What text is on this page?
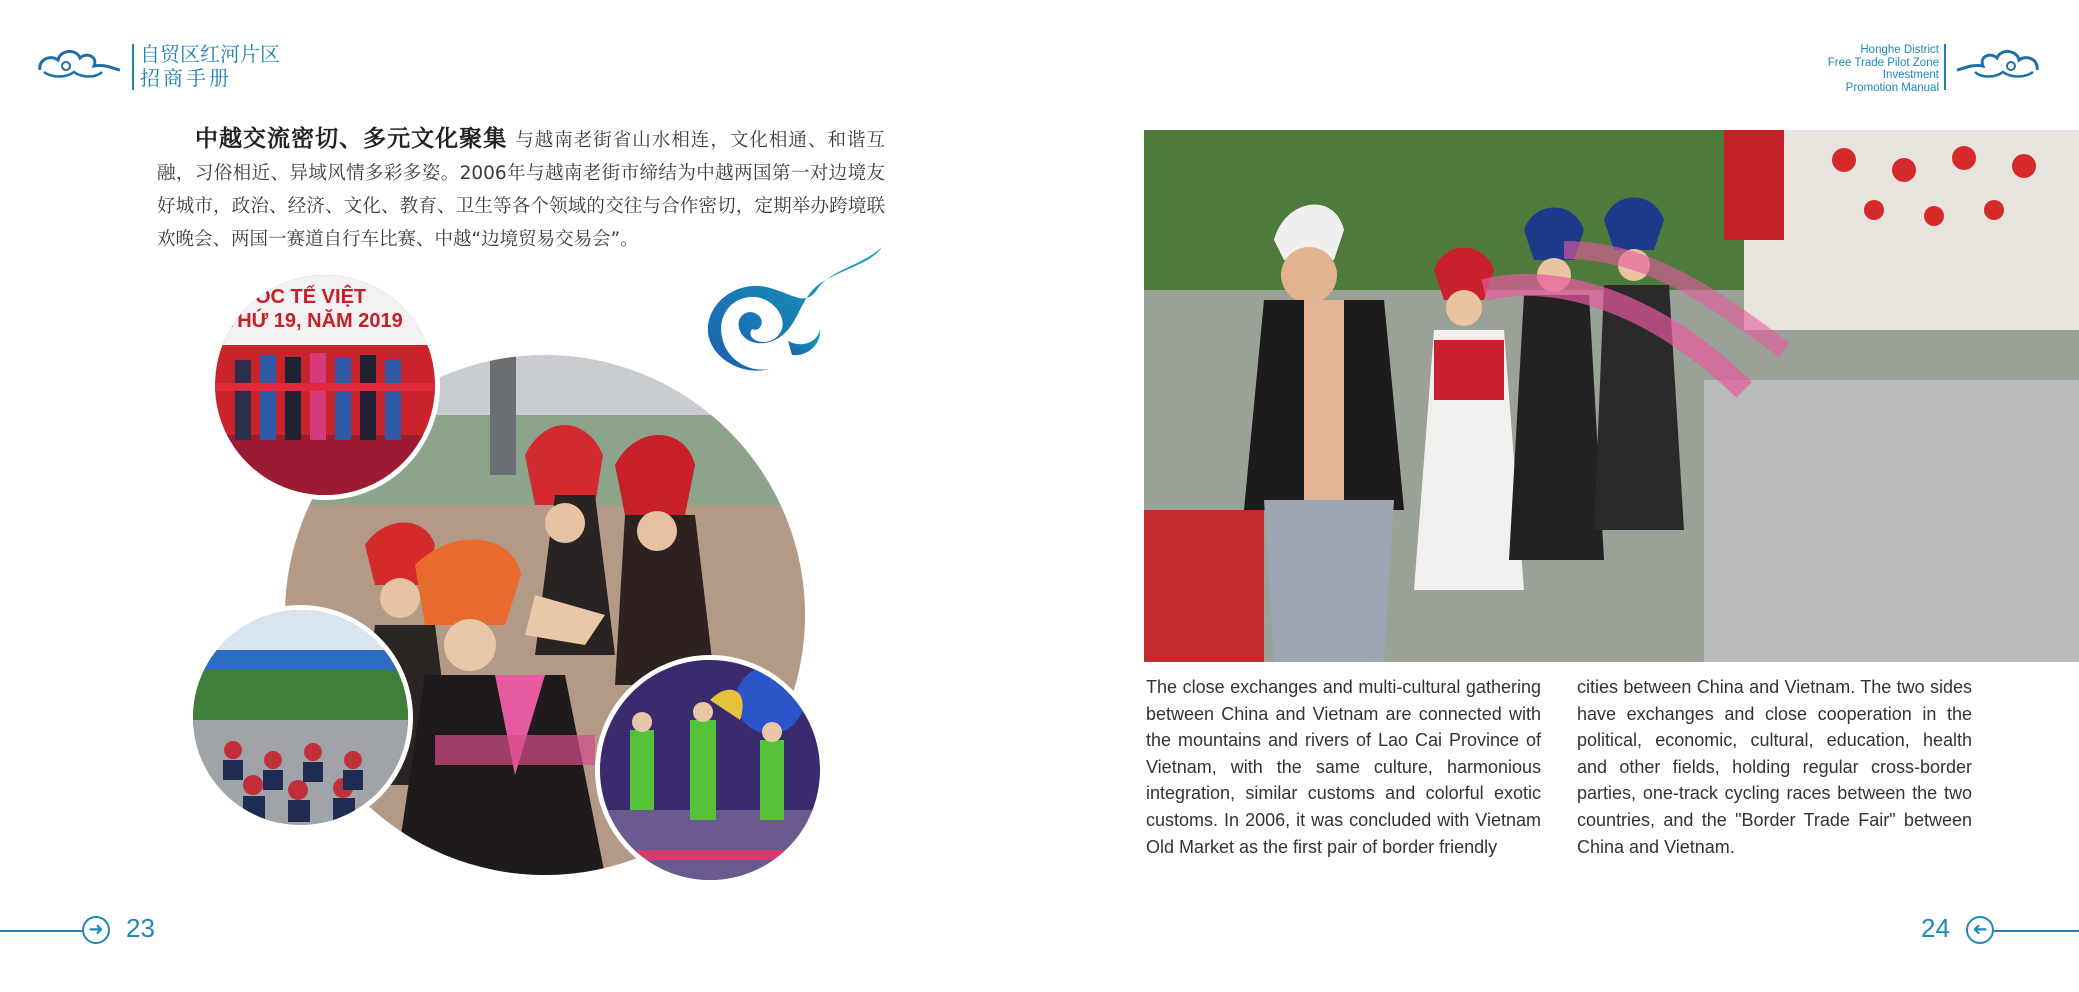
自贸区红河片区
招商手册
Honghe District
Free Trade Pilot Zone
Investment
Promotion Manual
中越交流密切、多元文化聚集 与越南老街省山水相连，文化相通、和谐互融，习俗相近、异域风情多彩多姿。2006年与越南老街市缔结为中越两国第一对边境友好城市，政治、经济、文化、教育、卫生等各个领域的交往与合作密切，定期举办跨境联欢晚会、两国一赛道自行车比赛、中越“边境贸易交易会”。
QUỐC TẾ VIỆT
THỨ 19, NĂM 2019
The close exchanges and multi-cultural gathering between China and Vietnam are connected with the mountains and rivers of Lao Cai Province of Vietnam, with the same culture, harmonious integration, similar customs and colorful exotic customs. In 2006, it was concluded with Vietnam Old Market as the first pair of border friendly
cities between China and Vietnam. The two sides have exchanges and close cooperation in the political, economic, cultural, education, health and other fields, holding regular cross-border parties, one-track cycling races between the two countries, and the "Border Trade Fair" between China and Vietnam.
➜ 23	24	➜
